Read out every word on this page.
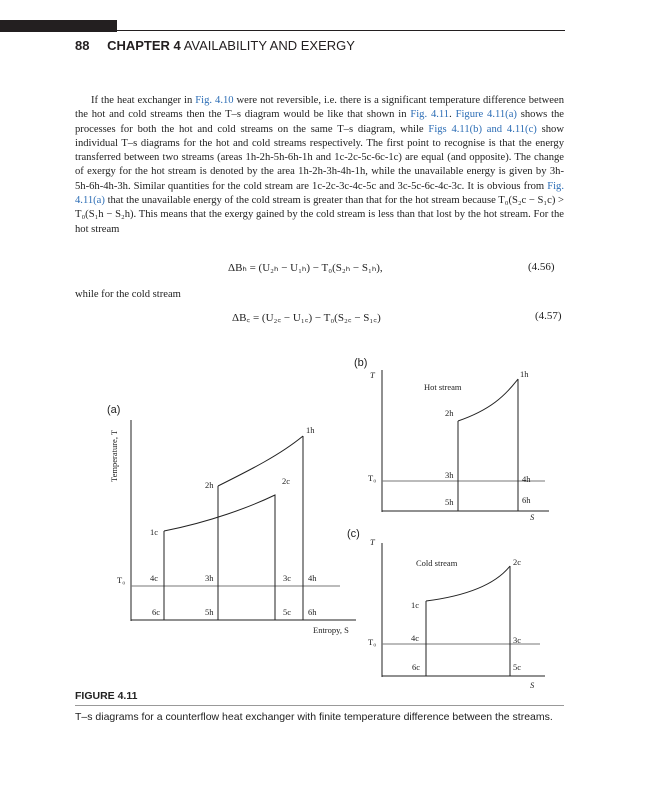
88 CHAPTER 4 AVAILABILITY AND EXERGY
If the heat exchanger in Fig. 4.10 were not reversible, i.e. there is a significant temperature difference between the hot and cold streams then the T–s diagram would be like that shown in Fig. 4.11. Figure 4.11(a) shows the processes for both the hot and cold streams on the same T–s diagram, while Figs 4.11(b) and 4.11(c) show individual T–s diagrams for the hot and cold streams respectively. The first point to recognise is that the energy transferred between two streams (areas 1h-2h-5h-6h-1h and 1c-2c-5c-6c-1c) are equal (and opposite). The change of exergy for the hot stream is denoted by the area 1h-2h-3h-4h-1h, while the unavailable energy is given by 3h-5h-6h-4h-3h. Similar quantities for the cold stream are 1c-2c-3c-4c-5c and 3c-5c-6c-4c-3c. It is obvious from Fig. 4.11(a) that the unavailable energy of the cold stream is greater than that for the hot stream because T₀(S₂c − S₁c) > T₀(S₁h − S₂h). This means that the exergy gained by the cold stream is less than that lost by the hot stream. For the hot stream
ΔBₕ = (U₂ₕ − U₁ₕ) − T₀(S₂ₕ − S₁ₕ),	(4.56)
while for the cold stream
ΔB꜀ = (U₂꜀ − U₁꜀) − T₀(S₂꜀ − S₁꜀)	(4.57)
(a)
Temperature, T
Entropy, S
T₀
1c
2h
1h
2c
4c	3h	3c 4h
6c	5h	5c 6h
(b)
T
S
T₀
Hot stream
1h
2h
3h	4h
5h	6h
(c)
T
S
T₀
Cold stream
1c
2c
3c
4c
5c
6c
FIGURE 4.11
T–s diagrams for a counterflow heat exchanger with finite temperature difference between the streams.
